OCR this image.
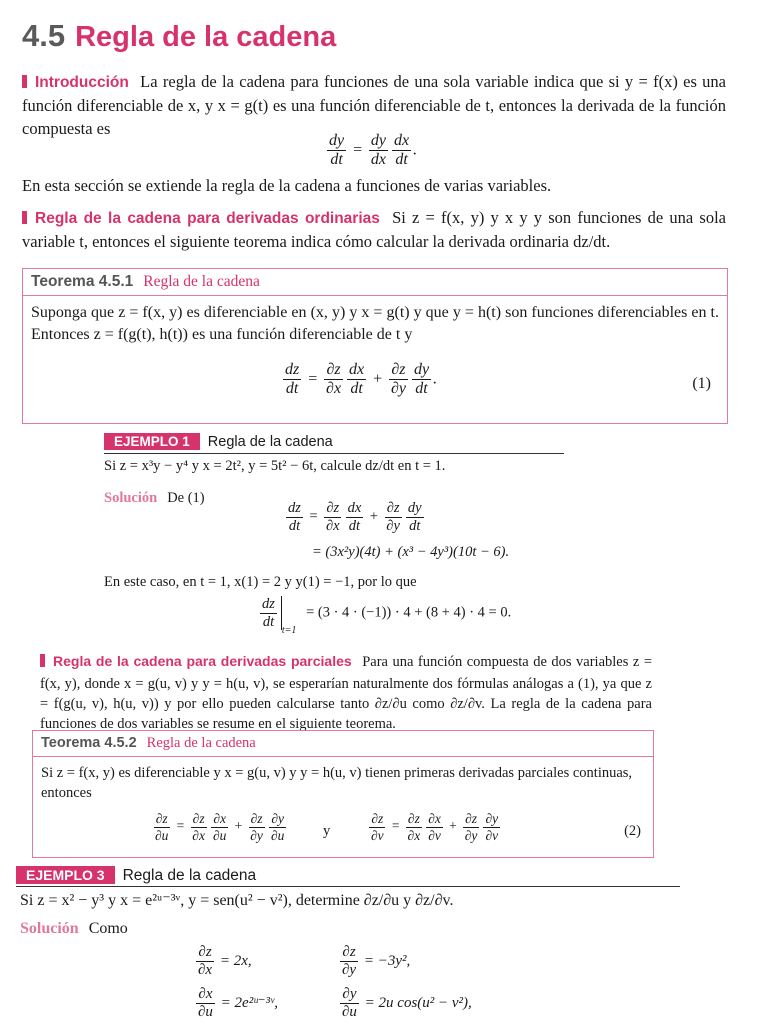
4.5 Regla de la cadena
Introducción La regla de la cadena para funciones de una sola variable indica que si y = f(x) es una función diferenciable de x, y x = g(t) es una función diferenciable de t, entonces la derivada de la función compuesta es
$\frac{dy}{dt} = \frac{dy}{dx} \frac{dx}{dt}$ .
En esta sección se extiende la regla de la cadena a funciones de varias variables.
Regla de la cadena para derivadas ordinarias Si z = f(x, y) y x y y son funciones de una sola variable t, entonces el siguiente teorema indica cómo calcular la derivada ordinaria dz/dt.
Teorema 4.5.1 Regla de la cadena
Suponga que z = f(x, y) es diferenciable en (x, y) y x = g(t) y que y = h(t) son funciones diferenciables en t. Entonces z = f(g(t), h(t)) es una función diferenciable de t y
$\frac{dz}{dt} = \frac{\partial z}{\partial x} \frac{dx}{dt} + \frac{\partial z}{\partial y} \frac{dy}{dt}$ .	(1)
EJEMPLO 1 Regla de la cadena
Si z = x³y − y⁴ y x = 2t², y = 5t² − 6t, calcule dz/dt en t = 1.
Solución De (1)
$\frac{dz}{dt} = \frac{\partial z}{\partial x} \frac{dx}{dt} + \frac{\partial z}{\partial y} \frac{dy}{dt}$
= (3x²y)(4t) + (x³ − 4y³)(10t − 6).
En este caso, en t = 1, x(1) = 2 y y(1) = −1, por lo que
$\frac{dz}{dt} _{t=1} = (3 \cdot 4 \cdot (-1)) \cdot 4 + (8 + 4) \cdot 4 = 0$.
Regla de la cadena para derivadas parciales Para una función compuesta de dos variables z = f(x, y), donde x = g(u, v) y y = h(u, v), se esperarían naturalmente dos fórmulas análogas a (1), ya que z = f(g(u, v), h(u, v)) y por ello pueden calcularse tanto ∂z/∂u como ∂z/∂v. La regla de la cadena para funciones de dos variables se resume en el siguiente teorema.
Teorema 4.5.2 Regla de la cadena
Si z = f(x, y) es diferenciable y x = g(u, v) y y = h(u, v) tienen primeras derivadas parciales continuas, entonces
$\frac{\partial z}{\partial u} = \frac{\partial z}{\partial x} \frac{\partial x}{\partial u} + \frac{\partial z}{\partial y} \frac{\partial y}{\partial u}$	y	$\frac{\partial z}{\partial v} = \frac{\partial z}{\partial x} \frac{\partial x}{\partial v} + \frac{\partial z}{\partial y} \frac{\partial y}{\partial v}$	(2)
EJEMPLO 3 Regla de la cadena
Si z = x² − y³ y x = e²ᵘ⁻³ᵛ, y = sen(u² − v²), determine ∂z/∂u y ∂z/∂v.
Solución Como
$\frac{\partial z}{\partial x} = 2x$,	$\frac{\partial z}{\partial y} = -3y^2$,
$\frac{\partial x}{\partial u}$ = 2e²ᵘ⁻³ᵛ,	$\frac{\partial y}{\partial u} = 2u$ cos(u² − v²),
